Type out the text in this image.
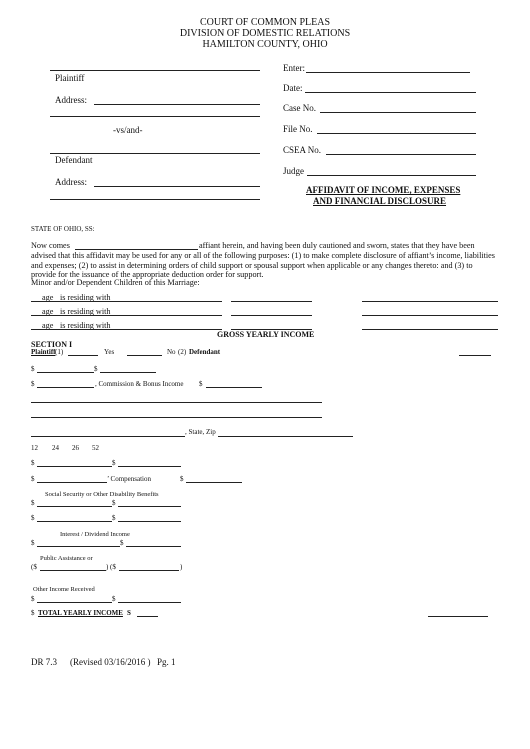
COURT OF COMMON PLEAS
DIVISION OF DOMESTIC RELATIONS
HAMILTON COUNTY, OHIO
Plaintiff
Address:
-vs/and-
Defendant
Address:
Enter:
Date:
Case No.
File No.
CSEA No.
Judge
AFFIDAVIT OF INCOME, EXPENSES
AND FINANCIAL DISCLOSURE
STATE OF OHIO, SS:
Now comes	affiant herein, and having been duly cautioned and sworn, states that they have been
advised that this affidavit may be used for any or all of the following purposes: (1) to make complete disclosure of affiant’s income, liabilities and expenses; (2) to assist in determining orders of child support or spousal support when applicable or any changes thereto: and (3) to provide for the issuance of the appropriate deduction order for support.
Minor and/or Dependent Children of this Marriage:
age is residing with
age is residing with
age is residing with
GROSS YEARLY INCOME
SECTION I
Plaintiff (1)	Yes	No (2) Defendant
$	$
$	, Commission & Bonus Income $
, State, Zip
12 24 26 52
$	$
$	’ Compensation	$
Social Security or Other Disability Benefits
$	$
$	$
Interest / Dividend Income
$	$
Public Assistance or
($	) ($	)
Other Income Received
$	$
$ TOTAL YEARLY INCOME S
DR 7.3 (Revised 03/16/2016 ) Pg. 1
